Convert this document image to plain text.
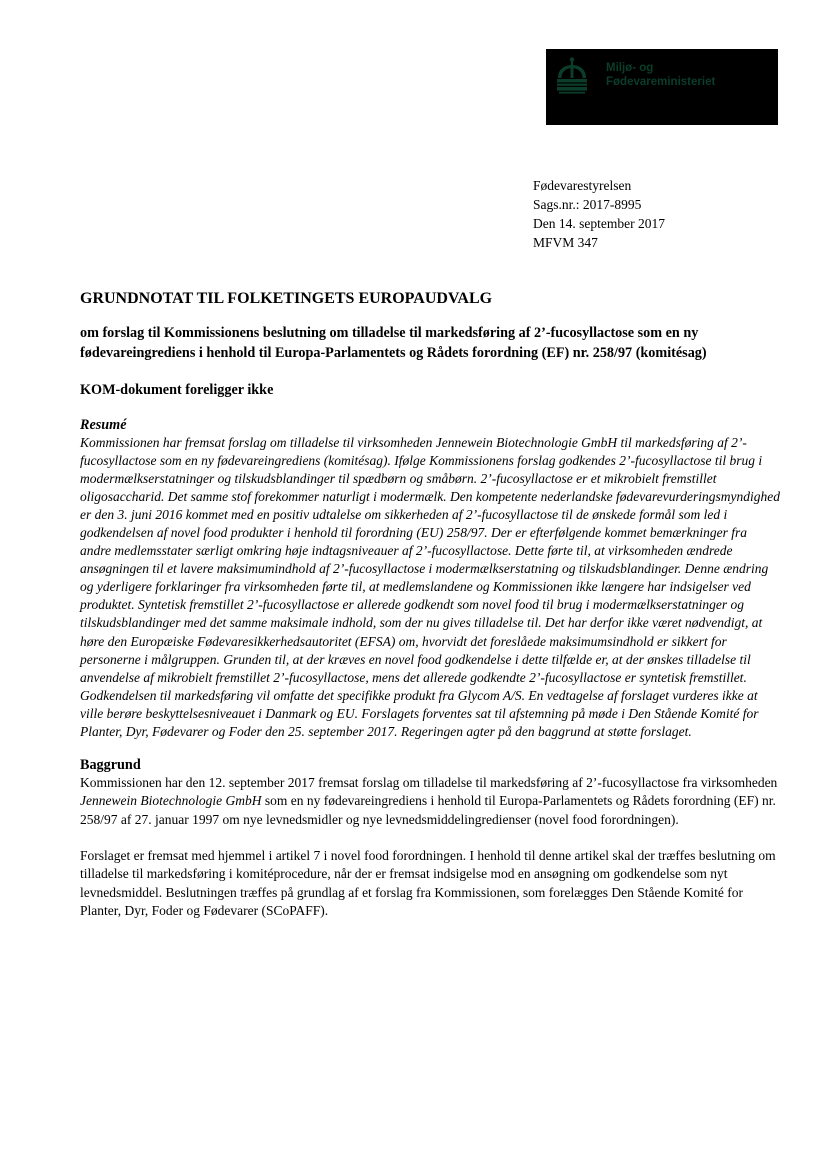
Miljø- og
Fødevareministeriet
Fødevarestyrelsen
Sags.nr.: 2017-8995
Den 14. september 2017
MFVM 347
GRUNDNOTAT TIL FOLKETINGETS EUROPAUDVALG
om forslag til Kommissionens beslutning om tilladelse til markedsføring af 2’-fucosyllactose som en ny fødevareingrediens i henhold til Europa-Parlamentets og Rådets forordning (EF) nr. 258/97 (komitésag)
KOM-dokument foreligger ikke
Resumé
Kommissionen har fremsat forslag om tilladelse til virksomheden Jennewein Biotechnologie GmbH til markedsføring af 2’-fucosyllactose som en ny fødevareingrediens (komitésag). Ifølge Kommissionens forslag godkendes 2’-fucosyllactose til brug i modermælkserstatninger og tilskudsblandinger til spædbørn og småbørn. 2’-fucosyllactose er et mikrobielt fremstillet oligosaccharid. Det samme stof forekommer naturligt i modermælk. Den kompetente nederlandske fødevarevurderingsmyndighed er den 3. juni 2016 kommet med en positiv udtalelse om sikkerheden af 2’-fucosyllactose til de ønskede formål som led i godkendelsen af novel food produkter i henhold til forordning (EU) 258/97. Der er efterfølgende kommet bemærkninger fra andre medlemsstater særligt omkring høje indtagsniveauer af 2’-fucosyllactose. Dette førte til, at virksomheden ændrede ansøgningen til et lavere maksimumindhold af 2’-fucosyllactose i modermælkserstatning og tilskudsblandinger. Denne ændring og yderligere forklaringer fra virksomheden førte til, at medlemslandene og Kommissionen ikke længere har indsigelser ved produktet. Syntetisk fremstillet 2’-fucosyllactose er allerede godkendt som novel food til brug i modermælkserstatninger og tilskudsblandinger med det samme maksimale indhold, som der nu gives tilladelse til. Det har derfor ikke været nødvendigt, at høre den Europæiske Fødevaresikkerhedsautoritet (EFSA) om, hvorvidt det foreslåede maksimumsindhold er sikkert for personerne i målgruppen. Grunden til, at der kræves en novel food godkendelse i dette tilfælde er, at der ønskes tilladelse til anvendelse af mikrobielt fremstillet 2’-fucosyllactose, mens det allerede godkendte 2’-fucosyllactose er syntetisk fremstillet. Godkendelsen til markedsføring vil omfatte det specifikke produkt fra Glycom A/S. En vedtagelse af forslaget vurderes ikke at ville berøre beskyttelsesniveauet i Danmark og EU. Forslagets forventes sat til afstemning på møde i Den Stående Komité for Planter, Dyr, Fødevarer og Foder den 25. september 2017. Regeringen agter på den baggrund at støtte forslaget.
Baggrund
Kommissionen har den 12. september 2017 fremsat forslag om tilladelse til markedsføring af 2’-fucosyllactose fra virksomheden Jennewein Biotechnologie GmbH som en ny fødevareingrediens i henhold til Europa-Parlamentets og Rådets forordning (EF) nr. 258/97 af 27. januar 1997 om nye levnedsmidler og nye levnedsmiddelingredienser (novel food forordningen).
Forslaget er fremsat med hjemmel i artikel 7 i novel food forordningen. I henhold til denne artikel skal der træffes beslutning om tilladelse til markedsføring i komitéprocedure, når der er fremsat indsigelse mod en ansøgning om godkendelse som nyt levnedsmiddel. Beslutningen træffes på grundlag af et forslag fra Kommissionen, som forelægges Den Stående Komité for Planter, Dyr, Foder og Fødevarer (SCoPAFF).
